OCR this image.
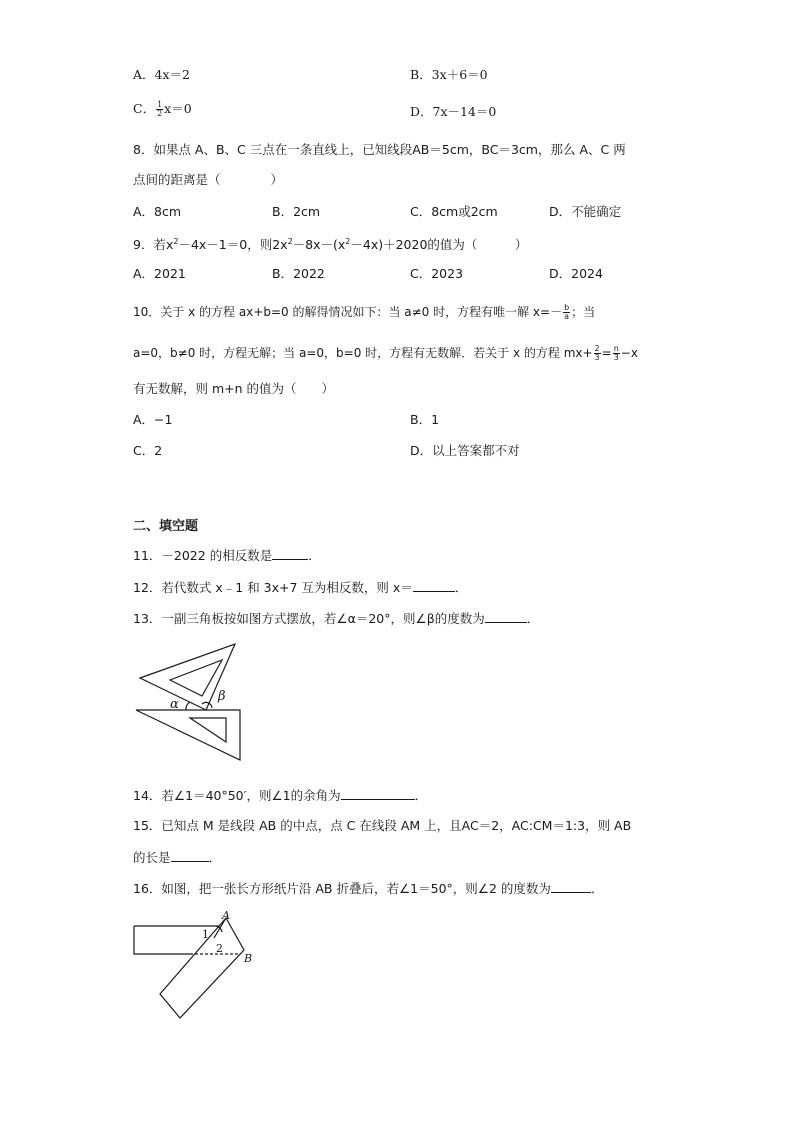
A．4x＝2	B．3x＋6＝0
C． $\frac{1}{2} x=0$	D．7x－14＝0
8．如果点 A、B、C 三点在一条直线上，已知线段AB＝5cm，BC＝3cm，那么 A、C 两
点间的距离是（　　　　）
A．8cm	B．2cm	C．8cm或2cm	D．不能确定
9．若$x^2-4x-1=0$，则$2x^2-8x-(x^2-4x)+2020$的值为（　　　）
A．2021	B．2022	C．2023	D．2024
10．关于 x 的方程 ax+b=0 的解得情况如下：当 a≠0 时，方程有唯一解 $x=- \frac{b}{a}$ ；当
a=0，b≠0 时，方程无解；当 a=0，b=0 时，方程有无数解．若关于 x 的方程 $mx+ \frac{2}{3} = \frac{n}{3} -x$
有无数解，则 m+n 的值为（　　）
A．−1	B．1
C．2	D．以上答案都不对
二、填空题
11．－2022 的相反数是	．
12．若代数式 x﹣1 和 3x+7 互为相反数，则 x＝	．
13．一副三角板按如图方式摆放，若∠α＝20°，则∠β的度数为	．
α
β
14．若∠1＝40°50′，则∠1的余角为	．
15．已知点 M 是线段 AB 的中点，点 C 在线段 AM 上，且AC＝2，AC:CM＝1:3，则 AB
的长是	．
16．如图，把一张长方形纸片沿 AB 折叠后，若∠1＝50°，则∠2 的度数为	．
A
B
1
2
